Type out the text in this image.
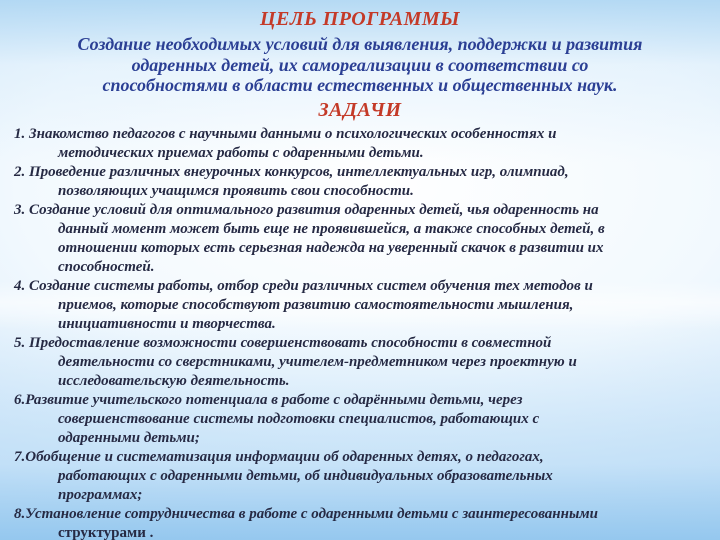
ЦЕЛЬ ПРОГРАММЫ
Создание необходимых условий для выявления, поддержки и развития
одаренных детей, их самореализации в соответствии со
способностями в области естественных и общественных наук.
ЗАДАЧИ
1. Знакомство педагогов с научными данными о психологических особенностях и
методических приемах работы с одаренными детьми.
2. Проведение различных внеурочных конкурсов, интеллектуальных игр, олимпиад,
позволяющих учащимся проявить свои способности.
3. Создание условий для оптимального развития одаренных детей, чья одаренность на
данный момент может быть еще не проявившейся, а также способных детей, в
отношении которых есть серьезная надежда на уверенный скачок в развитии их
способностей.
4. Создание системы работы, отбор среди различных систем обучения тех методов и
приемов, которые способствуют развитию самостоятельности мышления,
инициативности и творчества.
5. Предоставление возможности совершенствовать способности в совместной
деятельности со сверстниками, учителем-предметником через проектную и
исследовательскую деятельность.
6.Развитие учительского потенциала в работе с одарёнными детьми, через
совершенствование системы подготовки специалистов, работающих с
одаренными детьми;
7.Обобщение и систематизация информации об одаренных детях, о педагогах,
работающих с одаренными детьми, об индивидуальных образовательных
программах;
8.Установление сотрудничества в работе с одаренными детьми с заинтересованными
структурами .
